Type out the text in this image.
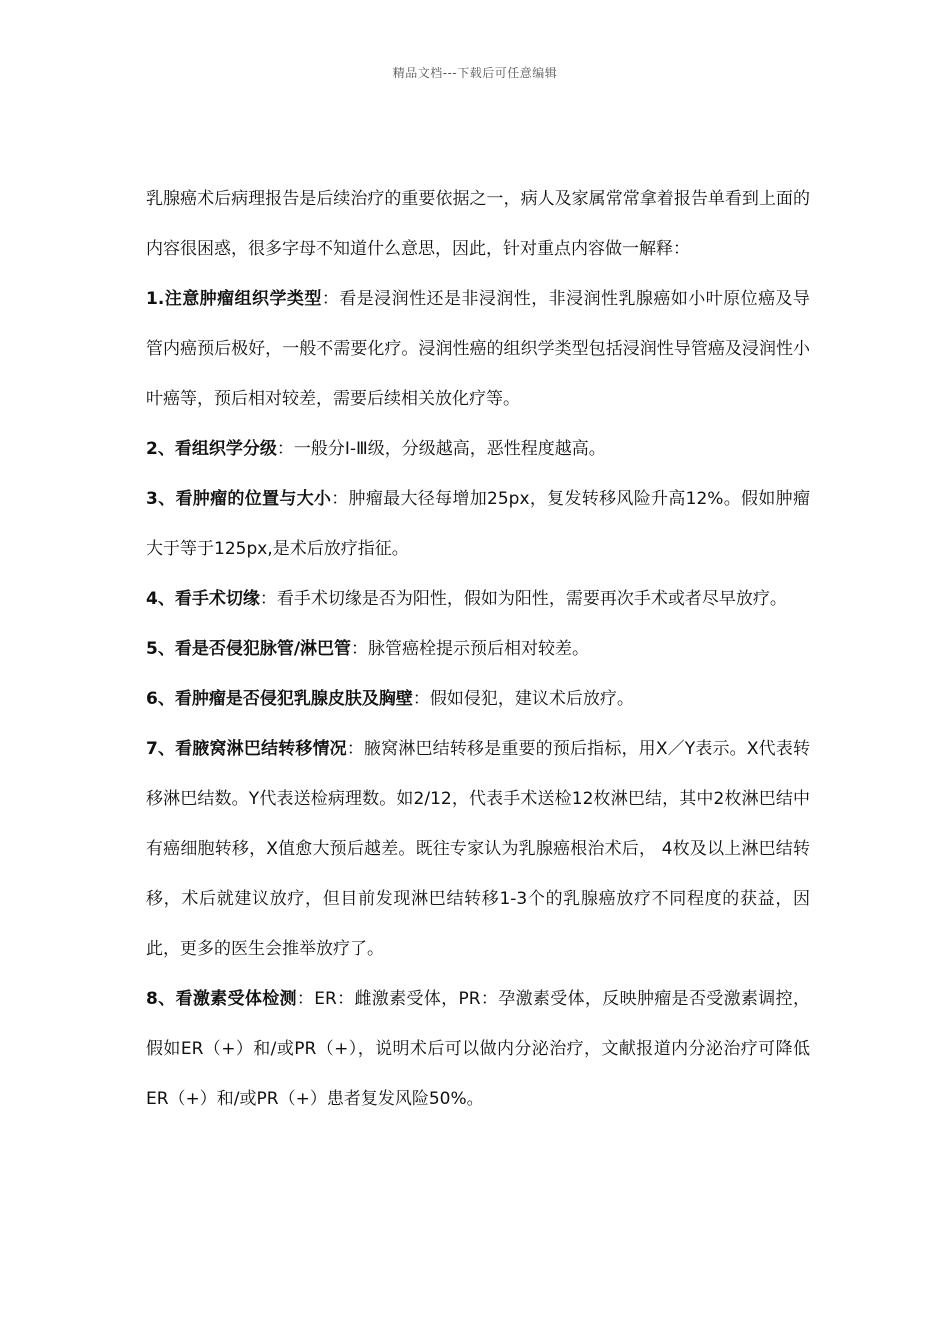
精品文档---下载后可任意编辑

乳腺癌术后病理报告是后续治疗的重要依据之一，病人及家属常常拿着报告单看到上面的内容很困惑，很多字母不知道什么意思，因此，针对重点内容做一解释：

1.注意肿瘤组织学类型：看是浸润性还是非浸润性，非浸润性乳腺癌如小叶原位癌及导管内癌预后极好，一般不需要化疗。浸润性癌的组织学类型包括浸润性导管癌及浸润性小叶癌等，预后相对较差，需要后续相关放化疗等。

2、看组织学分级：一般分Ⅰ-Ⅲ级，分级越高，恶性程度越高。

3、看肿瘤的位置与大小：肿瘤最大径每增加25px，复发转移风险升高12%。假如肿瘤大于等于125px,是术后放疗指征。

4、看手术切缘：看手术切缘是否为阳性，假如为阳性，需要再次手术或者尽早放疗。

5、看是否侵犯脉管/淋巴管：脉管癌栓提示预后相对较差。

6、看肿瘤是否侵犯乳腺皮肤及胸壁：假如侵犯，建议术后放疗。

7、看腋窝淋巴结转移情况：腋窝淋巴结转移是重要的预后指标，用X／Y表示。X代表转移淋巴结数。Y代表送检病理数。如2/12，代表手术送检12枚淋巴结，其中2枚淋巴结中有癌细胞转移，X值愈大预后越差。既往专家认为乳腺癌根治术后， 4枚及以上淋巴结转移，术后就建议放疗，但目前发现淋巴结转移1-3个的乳腺癌放疗不同程度的获益，因此，更多的医生会推举放疗了。

8、看激素受体检测：ER：雌激素受体，PR：孕激素受体，反映肿瘤是否受激素调控，假如ER（+）和/或PR（+），说明术后可以做内分泌治疗，文献报道内分泌治疗可降低ER（+）和/或PR（+）患者复发风险50%。
